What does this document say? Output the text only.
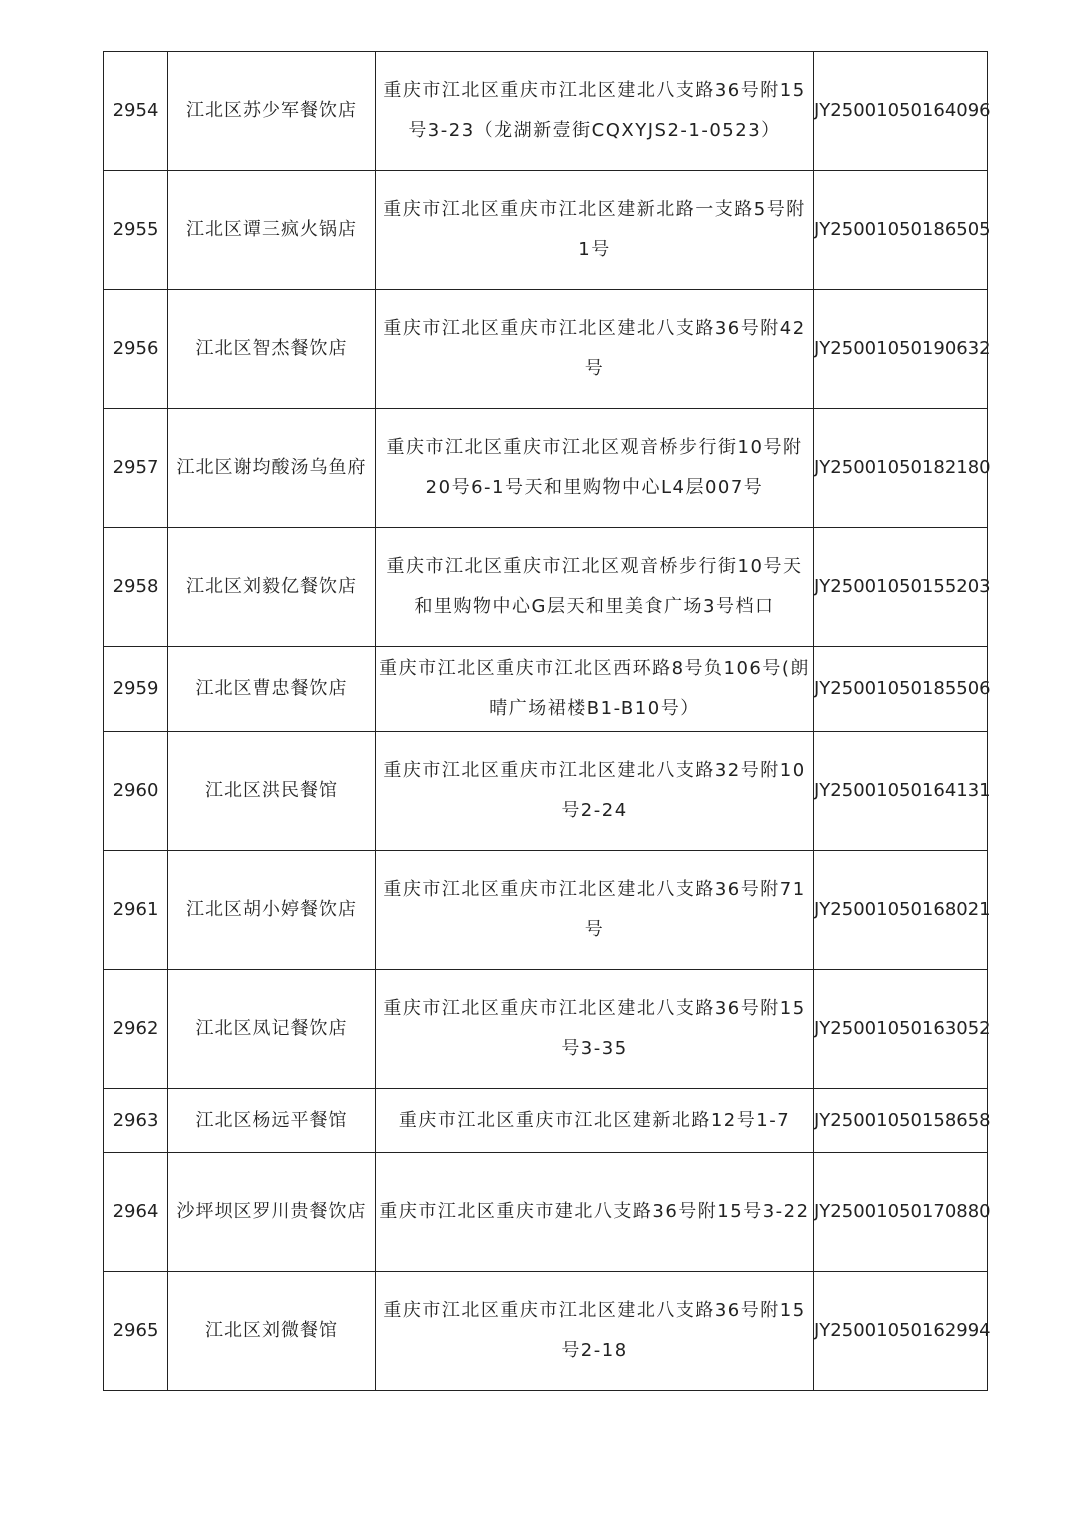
2954	江北区苏少军餐饮店	重庆市江北区重庆市江北区建北八支路36号附15
号3-23（龙湖新壹街CQXYJS2-1-0523）	JY25001050164096
2955	江北区谭三疯火锅店	重庆市江北区重庆市江北区建新北路一支路5号附
1号	JY25001050186505
2956	江北区智杰餐饮店	重庆市江北区重庆市江北区建北八支路36号附42
号	JY25001050190632
2957	江北区谢均酸汤乌鱼府	重庆市江北区重庆市江北区观音桥步行街10号附
20号6-1号天和里购物中心L4层007号	JY25001050182180
2958	江北区刘毅亿餐饮店	重庆市江北区重庆市江北区观音桥步行街10号天
和里购物中心G层天和里美食广场3号档口	JY25001050155203
2959	江北区曹忠餐饮店	重庆市江北区重庆市江北区西环路8号负106号(朗
晴广场裙楼B1-B10号）	JY25001050185506
2960	江北区洪民餐馆	重庆市江北区重庆市江北区建北八支路32号附10
号2-24	JY25001050164131
2961	江北区胡小婷餐饮店	重庆市江北区重庆市江北区建北八支路36号附71
号	JY25001050168021
2962	江北区凤记餐饮店	重庆市江北区重庆市江北区建北八支路36号附15
号3-35	JY25001050163052
2963	江北区杨远平餐馆	重庆市江北区重庆市江北区建新北路12号1-7	JY25001050158658
2964	沙坪坝区罗川贵餐饮店	重庆市江北区重庆市建北八支路36号附15号3-22	JY25001050170880
2965	江北区刘微餐馆	重庆市江北区重庆市江北区建北八支路36号附15
号2-18	JY25001050162994
